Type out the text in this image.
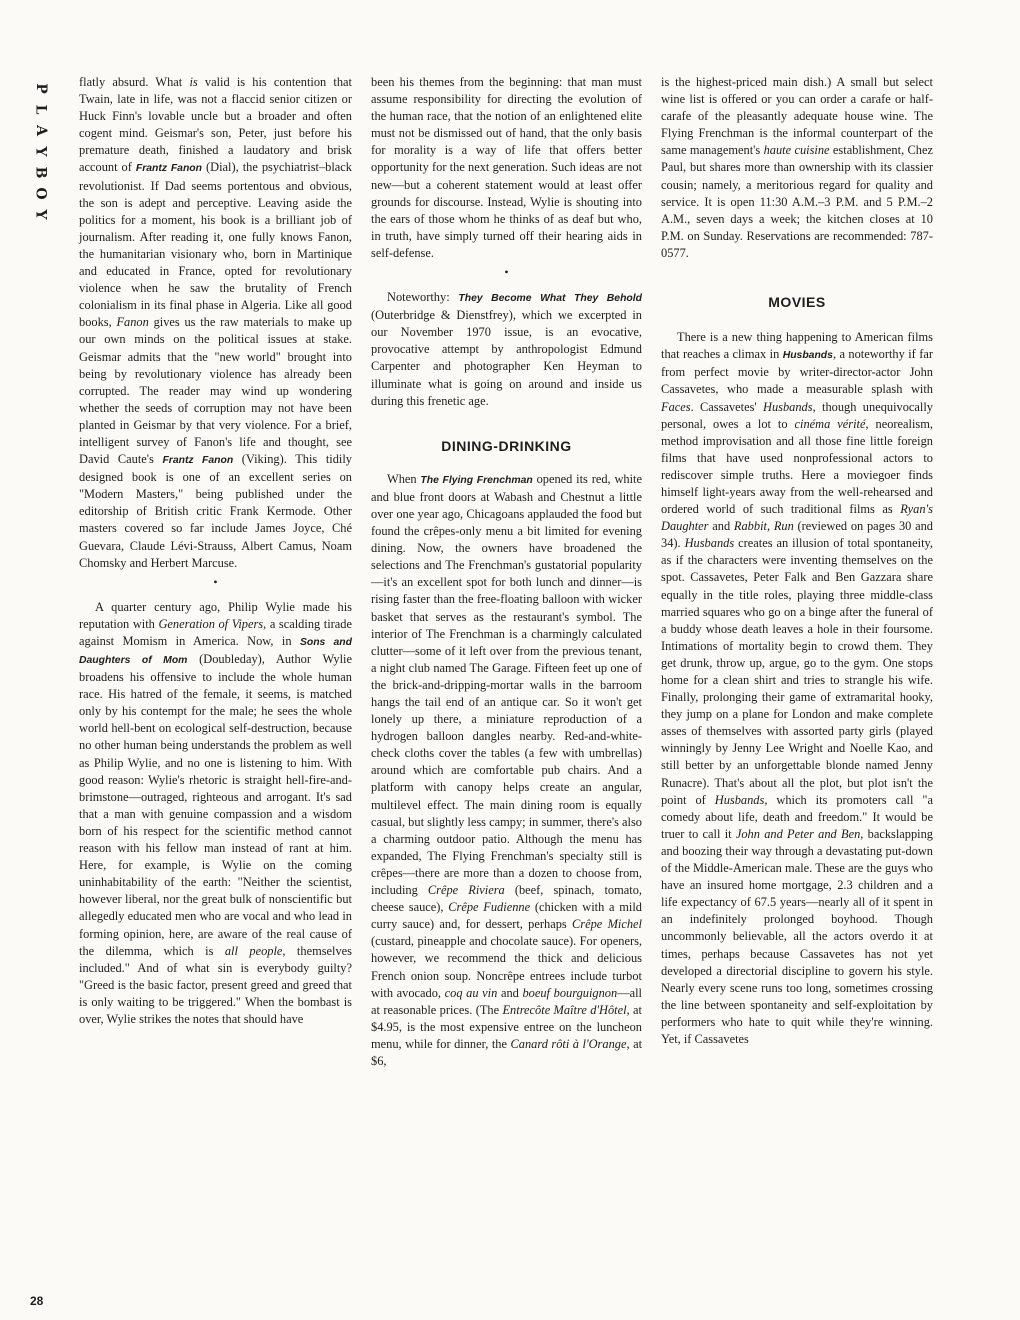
P
L
A
Y
B
O
Y
28

flatly absurd. What is valid is his contention that Twain, late in life, was not a flaccid senior citizen or Huck Finn's lovable uncle but a broader and often cogent mind. Geismar's son, Peter, just before his premature death, finished a laudatory and brisk account of Frantz Fanon (Dial), the psychiatrist–black revolutionist. If Dad seems portentous and obvious, the son is adept and perceptive. Leaving aside the politics for a moment, his book is a brilliant job of journalism. After reading it, one fully knows Fanon, the humanitarian visionary who, born in Martinique and educated in France, opted for revolutionary violence when he saw the brutality of French colonialism in its final phase in Algeria. Like all good books, Fanon gives us the raw materials to make up our own minds on the political issues at stake. Geismar admits that the "new world" brought into being by revolutionary violence has already been corrupted. The reader may wind up wondering whether the seeds of corruption may not have been planted in Geismar by that very violence. For a brief, intelligent survey of Fanon's life and thought, see David Caute's Frantz Fanon (Viking). This tidily designed book is one of an excellent series on "Modern Masters," being published under the editorship of British critic Frank Kermode. Other masters covered so far include James Joyce, Ché Guevara, Claude Lévi-Strauss, Albert Camus, Noam Chomsky and Herbert Marcuse.

•

A quarter century ago, Philip Wylie made his reputation with Generation of Vipers, a scalding tirade against Momism in America. Now, in Sons and Daughters of Mom (Doubleday), Author Wylie broadens his offensive to include the whole human race. His hatred of the female, it seems, is matched only by his contempt for the male; he sees the whole world hell-bent on ecological self-destruction, because no other human being understands the problem as well as Philip Wylie, and no one is listening to him. With good reason: Wylie's rhetoric is straight hell-fire-and-brimstone—outraged, righteous and arrogant. It's sad that a man with genuine compassion and a wisdom born of his respect for the scientific method cannot reason with his fellow man instead of rant at him. Here, for example, is Wylie on the coming uninhabitability of the earth: "Neither the scientist, however liberal, nor the great bulk of nonscientific but allegedly educated men who are vocal and who lead in forming opinion, here, are aware of the real cause of the dilemma, which is all people, themselves included." And of what sin is everybody guilty? "Greed is the basic factor, present greed and greed that is only waiting to be triggered." When the bombast is over, Wylie strikes the notes that should have

been his themes from the beginning: that man must assume responsibility for directing the evolution of the human race, that the notion of an enlightened elite must not be dismissed out of hand, that the only basis for morality is a way of life that offers better opportunity for the next generation. Such ideas are not new—but a coherent statement would at least offer grounds for discourse. Instead, Wylie is shouting into the ears of those whom he thinks of as deaf but who, in truth, have simply turned off their hearing aids in self-defense.

•

Noteworthy: They Become What They Behold (Outerbridge & Dienstfrey), which we excerpted in our November 1970 issue, is an evocative, provocative attempt by anthropologist Edmund Carpenter and photographer Ken Heyman to illuminate what is going on around and inside us during this frenetic age.

DINING-DRINKING

When The Flying Frenchman opened its red, white and blue front doors at Wabash and Chestnut a little over one year ago, Chicagoans applauded the food but found the crêpes-only menu a bit limited for evening dining. Now, the owners have broadened the selections and The Frenchman's gustatorial popularity—it's an excellent spot for both lunch and dinner—is rising faster than the free-floating balloon with wicker basket that serves as the restaurant's symbol. The interior of The Frenchman is a charmingly calculated clutter—some of it left over from the previous tenant, a night club named The Garage. Fifteen feet up one of the brick-and-dripping-mortar walls in the barroom hangs the tail end of an antique car. So it won't get lonely up there, a miniature reproduction of a hydrogen balloon dangles nearby. Red-and-white-check cloths cover the tables (a few with umbrellas) around which are comfortable pub chairs. And a platform with canopy helps create an angular, multilevel effect. The main dining room is equally casual, but slightly less campy; in summer, there's also a charming outdoor patio. Although the menu has expanded, The Flying Frenchman's specialty still is crêpes—there are more than a dozen to choose from, including Crêpe Riviera (beef, spinach, tomato, cheese sauce), Crêpe Fudienne (chicken with a mild curry sauce) and, for dessert, perhaps Crêpe Michel (custard, pineapple and chocolate sauce). For openers, however, we recommend the thick and delicious French onion soup. Noncrêpe entrees include turbot with avocado, coq au vin and boeuf bourguignon—all at reasonable prices. (The Entrecôte Maître d'Hôtel, at $4.95, is the most expensive entree on the luncheon menu, while for dinner, the Canard rôti à l'Orange, at $6,

is the highest-priced main dish.) A small but select wine list is offered or you can order a carafe or half-carafe of the pleasantly adequate house wine. The Flying Frenchman is the informal counterpart of the same management's haute cuisine establishment, Chez Paul, but shares more than ownership with its classier cousin; namely, a meritorious regard for quality and service. It is open 11:30 A.M.–3 P.M. and 5 P.M.–2 A.M., seven days a week; the kitchen closes at 10 P.M. on Sunday. Reservations are recommended: 787-0577.

MOVIES

There is a new thing happening to American films that reaches a climax in Husbands, a noteworthy if far from perfect movie by writer-director-actor John Cassavetes, who made a measurable splash with Faces. Cassavetes' Husbands, though unequivocally personal, owes a lot to cinéma vérité, neorealism, method improvisation and all those fine little foreign films that have used nonprofessional actors to rediscover simple truths. Here a moviegoer finds himself light-years away from the well-rehearsed and ordered world of such traditional films as Ryan's Daughter and Rabbit, Run (reviewed on pages 30 and 34). Husbands creates an illusion of total spontaneity, as if the characters were inventing themselves on the spot. Cassavetes, Peter Falk and Ben Gazzara share equally in the title roles, playing three middle-class married squares who go on a binge after the funeral of a buddy whose death leaves a hole in their foursome. Intimations of mortality begin to crowd them. They get drunk, throw up, argue, go to the gym. One stops home for a clean shirt and tries to strangle his wife. Finally, prolonging their game of extramarital hooky, they jump on a plane for London and make complete asses of themselves with assorted party girls (played winningly by Jenny Lee Wright and Noelle Kao, and still better by an unforgettable blonde named Jenny Runacre). That's about all the plot, but plot isn't the point of Husbands, which its promoters call "a comedy about life, death and freedom." It would be truer to call it John and Peter and Ben, backslapping and boozing their way through a devastating put-down of the Middle-American male. These are the guys who have an insured home mortgage, 2.3 children and a life expectancy of 67.5 years—nearly all of it spent in an indefinitely prolonged boyhood. Though uncommonly believable, all the actors overdo it at times, perhaps because Cassavetes has not yet developed a directorial discipline to govern his style. Nearly every scene runs too long, sometimes crossing the line between spontaneity and self-exploitation by performers who hate to quit while they're winning. Yet, if Cassavetes
